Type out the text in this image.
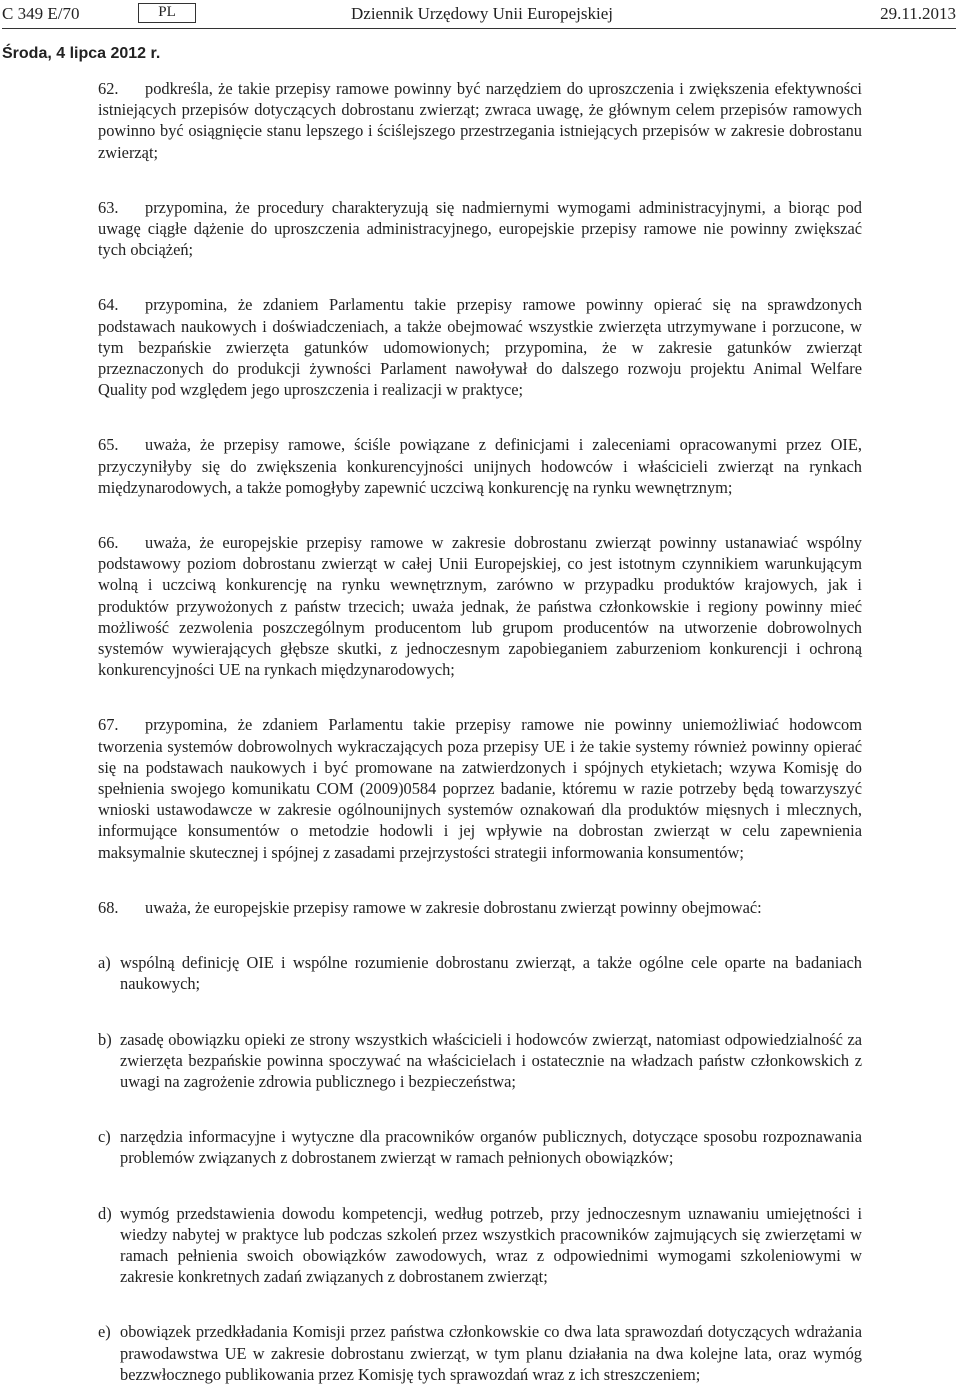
C 349 E/70	PL	Dziennik Urzędowy Unii Europejskiej	29.11.2013
Środa, 4 lipca 2012 r.

62. podkreśla, że takie przepisy ramowe powinny być narzędziem do uproszczenia i zwiększenia efektywności istniejących przepisów dotyczących dobrostanu zwierząt; zwraca uwagę, że głównym celem przepisów ramowych powinno być osiągnięcie stanu lepszego i ściślejszego przestrzegania istniejących przepisów w zakresie dobrostanu zwierząt;

63. przypomina, że procedury charakteryzują się nadmiernymi wymogami administracyjnymi, a biorąc pod uwagę ciągłe dążenie do uproszczenia administracyjnego, europejskie przepisy ramowe nie powinny zwiększać tych obciążeń;

64. przypomina, że zdaniem Parlamentu takie przepisy ramowe powinny opierać się na sprawdzonych podstawach naukowych i doświadczeniach, a także obejmować wszystkie zwierzęta utrzymywane i porzucone, w tym bezpańskie zwierzęta gatunków udomowionych; przypomina, że w zakresie gatunków zwierząt przeznaczonych do produkcji żywności Parlament nawoływał do dalszego rozwoju projektu Animal Welfare Quality pod względem jego uproszczenia i realizacji w praktyce;

65. uważa, że przepisy ramowe, ściśle powiązane z definicjami i zaleceniami opracowanymi przez OIE, przyczyniłyby się do zwiększenia konkurencyjności unijnych hodowców i właścicieli zwierząt na rynkach międzynarodowych, a także pomogłyby zapewnić uczciwą konkurencję na rynku wewnętrznym;

66. uważa, że europejskie przepisy ramowe w zakresie dobrostanu zwierząt powinny ustanawiać wspólny podstawowy poziom dobrostanu zwierząt w całej Unii Europejskiej, co jest istotnym czynnikiem warunkującym wolną i uczciwą konkurencję na rynku wewnętrznym, zarówno w przypadku produktów krajowych, jak i produktów przywożonych z państw trzecich; uważa jednak, że państwa członkowskie i regiony powinny mieć możliwość zezwolenia poszczególnym producentom lub grupom producentów na utworzenie dobrowolnych systemów wywierających głębsze skutki, z jednoczesnym zapobieganiem zaburzeniom konkurencji i ochroną konkurencyjności UE na rynkach międzynarodowych;

67. przypomina, że zdaniem Parlamentu takie przepisy ramowe nie powinny uniemożliwiać hodowcom tworzenia systemów dobrowolnych wykraczających poza przepisy UE i że takie systemy również powinny opierać się na podstawach naukowych i być promowane na zatwierdzonych i spójnych etykietach; wzywa Komisję do spełnienia swojego komunikatu COM (2009)0584 poprzez badanie, któremu w razie potrzeby będą towarzyszyć wnioski ustawodawcze w zakresie ogólnounijnych systemów oznakowań dla produktów mięsnych i mlecznych, informujące konsumentów o metodzie hodowli i jej wpływie na dobrostan zwierząt w celu zapewnienia maksymalnie skutecznej i spójnej z zasadami przejrzystości strategii informowania konsumentów;

68. uważa, że europejskie przepisy ramowe w zakresie dobrostanu zwierząt powinny obejmować:

a) wspólną definicję OIE i wspólne rozumienie dobrostanu zwierząt, a także ogólne cele oparte na badaniach naukowych;
b) zasadę obowiązku opieki ze strony wszystkich właścicieli i hodowców zwierząt, natomiast odpowiedzialność za zwierzęta bezpańskie powinna spoczywać na właścicielach i ostatecznie na władzach państw członkowskich z uwagi na zagrożenie zdrowia publicznego i bezpieczeństwa;
c) narzędzia informacyjne i wytyczne dla pracowników organów publicznych, dotyczące sposobu rozpoznawania problemów związanych z dobrostanem zwierząt w ramach pełnionych obowiązków;
d) wymóg przedstawienia dowodu kompetencji, według potrzeb, przy jednoczesnym uznawaniu umiejętności i wiedzy nabytej w praktyce lub podczas szkoleń przez wszystkich pracowników zajmujących się zwierzętami w ramach pełnienia swoich obowiązków zawodowych, wraz z odpowiednimi wymogami szkoleniowymi w zakresie konkretnych zadań związanych z dobrostanem zwierząt;
e) obowiązek przedkładania Komisji przez państwa członkowskie co dwa lata sprawozdań dotyczących wdrażania prawodawstwa UE w zakresie dobrostanu zwierząt, w tym planu działania na dwa kolejne lata, oraz wymóg bezzwłocznego publikowania przez Komisję tych sprawozdań wraz z ich streszczeniem;
